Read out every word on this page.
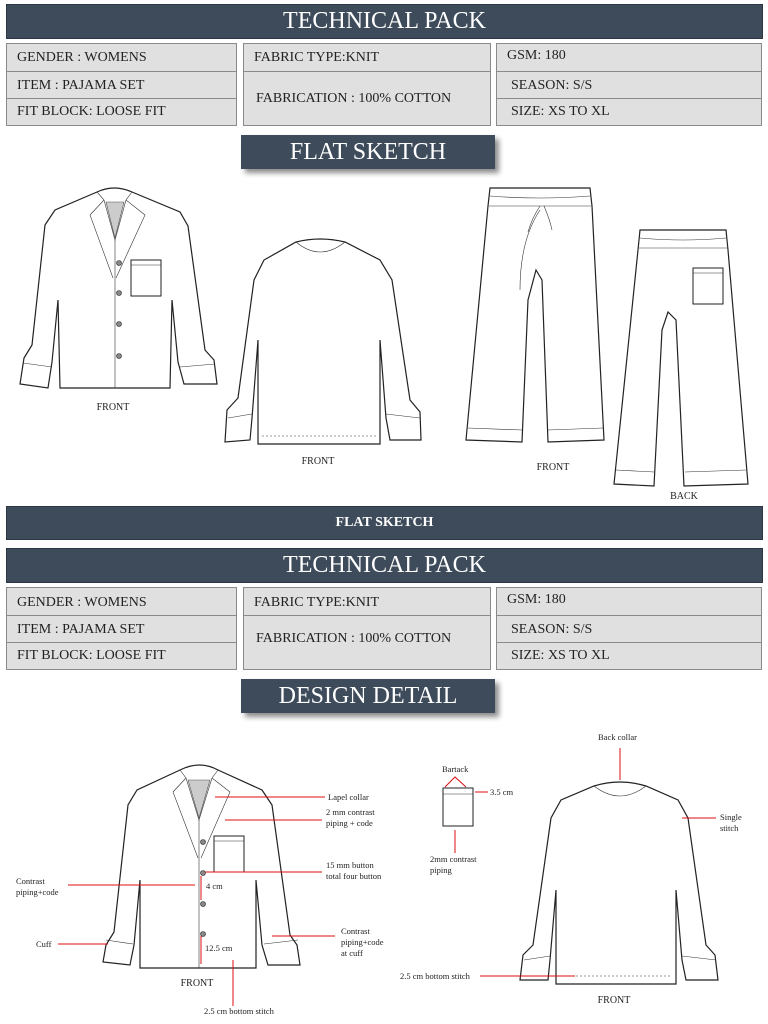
TECHNICAL PACK
GENDER : WOMENS
ITEM : PAJAMA SET
FIT BLOCK: LOOSE FIT
FABRIC TYPE:KNIT
FABRICATION : 100% COTTON
GSM: 180
SEASON: S/S
SIZE: XS TO XL
FLAT SKETCH
FRONT
FRONT
FRONT
BACK
FLAT SKETCH
TECHNICAL PACK
GENDER : WOMENS
ITEM : PAJAMA SET
FIT BLOCK: LOOSE FIT
FABRIC TYPE:KNIT
FABRICATION : 100% COTTON
GSM: 180
SEASON: S/S
SIZE: XS TO XL
DESIGN DETAIL
Lapel collar
2 mm contrast
piping + code
15 mm button
total four button
4 cm
Contrast
piping+code
Cuff
Contrast
piping+code
at cuff
12.5 cm
FRONT
2.5 cm bottom stitch
Bartack
3.5 cm
2mm contrast
piping
Back collar
Single
stitch
2.5 cm bottom stitch
FRONT
